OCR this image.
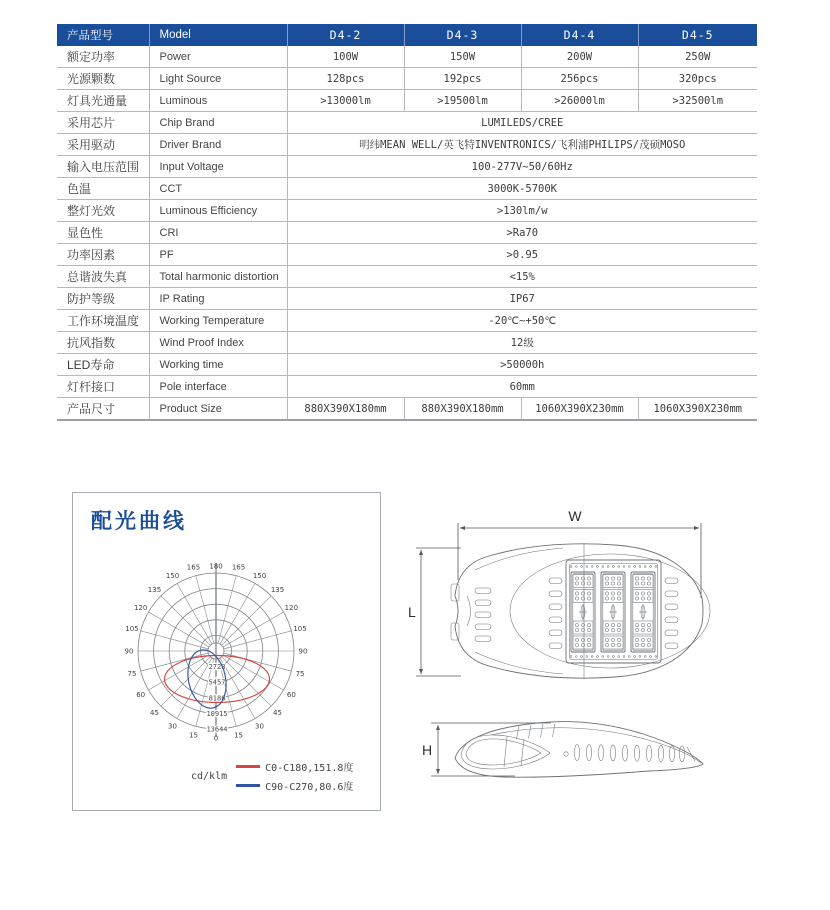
产品型号	Model	D4-2	D4-3	D4-4	D4-5
额定功率	Power	100W	150W	200W	250W
光源颗数	Light Source	128pcs	192pcs	256pcs	320pcs
灯具光通量	Luminous	>13000lm	>19500lm	>26000lm	>32500lm
采用芯片	Chip Brand	LUMILEDS/CREE			
采用驱动	Driver Brand	明纬MEAN WELL/英飞特INVENTRONICS/飞利浦PHILIPS/茂硕MOSO			
输入电压范围	Input Voltage	100-277V~50/60Hz			
色温	CCT	3000K-5700K			
整灯光效	Luminous Efficiency	>130lm/w			
显色性	CRI	>Ra70			
功率因素	PF	>0.95			
总谐波失真	Total harmonic distortion	<15%			
防护等级	IP Rating	IP67			
工作环境温度	Working Temperature	-20℃~+50℃			
抗风指数	Wind Proof Index	12级			
LED寿命	Working time	>50000h			
灯杆接口	Pole interface	60mm			
产品尺寸	Product Size	880X390X180mm	880X390X180mm	1060X390X230mm	1060X390X230mm
配光曲线
0 15
15
30
30
45
45
60
60
75
75
90
90
105
105
120
120
135
135
150
150
165
165 180
2728
5457
8186
10915
13644
cd/klm
C0-C180,151.8度
C90-C270,80.6度
W
L
H
